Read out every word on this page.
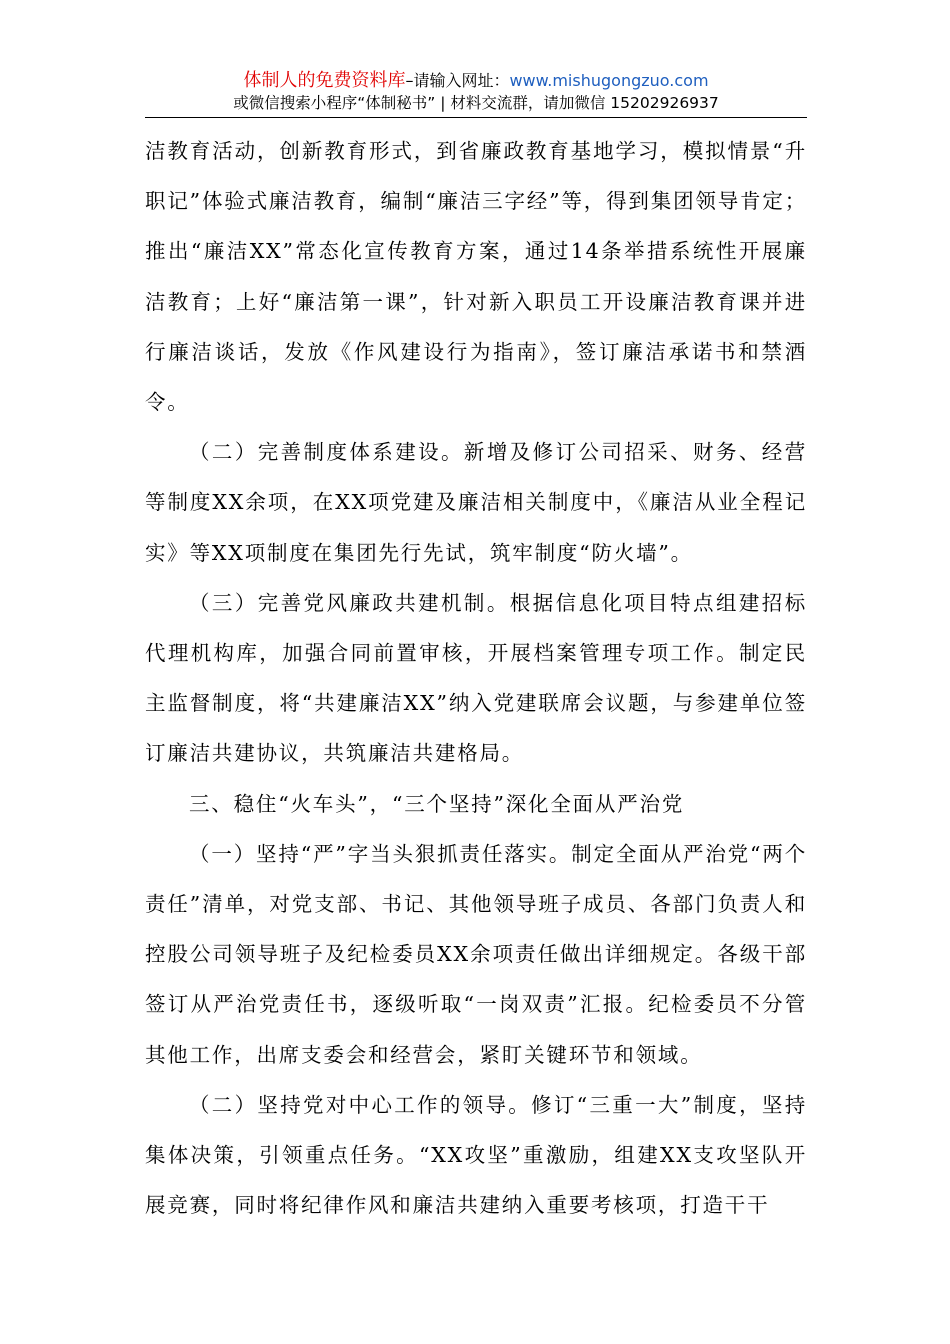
体制人的免费资料库–请输入网址：www.mishugongzuo.com
或微信搜索小程序“体制秘书” | 材料交流群，请加微信 15202926937

洁教育活动，创新教育形式，到省廉政教育基地学习，模拟情景“升职记”体验式廉洁教育，编制“廉洁三字经”等，得到集团领导肯定；推出“廉洁XX”常态化宣传教育方案，通过14条举措系统性开展廉洁教育；上好“廉洁第一课”，针对新入职员工开设廉洁教育课并进行廉洁谈话，发放《作风建设行为指南》，签订廉洁承诺书和禁酒令。

（二）完善制度体系建设。新增及修订公司招采、财务、经营等制度XX余项，在XX项党建及廉洁相关制度中，《廉洁从业全程记实》等XX项制度在集团先行先试，筑牢制度“防火墙”。

（三）完善党风廉政共建机制。根据信息化项目特点组建招标代理机构库，加强合同前置审核，开展档案管理专项工作。制定民主监督制度，将“共建廉洁XX”纳入党建联席会议题，与参建单位签订廉洁共建协议，共筑廉洁共建格局。

三、稳住“火车头”，“三个坚持”深化全面从严治党

（一）坚持“严”字当头狠抓责任落实。制定全面从严治党“两个责任”清单，对党支部、书记、其他领导班子成员、各部门负责人和控股公司领导班子及纪检委员XX余项责任做出详细规定。各级干部签订从严治党责任书，逐级听取“一岗双责”汇报。纪检委员不分管其他工作，出席支委会和经营会，紧盯关键环节和领域。

（二）坚持党对中心工作的领导。修订“三重一大”制度，坚持集体决策，引领重点任务。“XX攻坚”重激励，组建XX支攻坚队开展竞赛，同时将纪律作风和廉洁共建纳入重要考核项，打造干干
